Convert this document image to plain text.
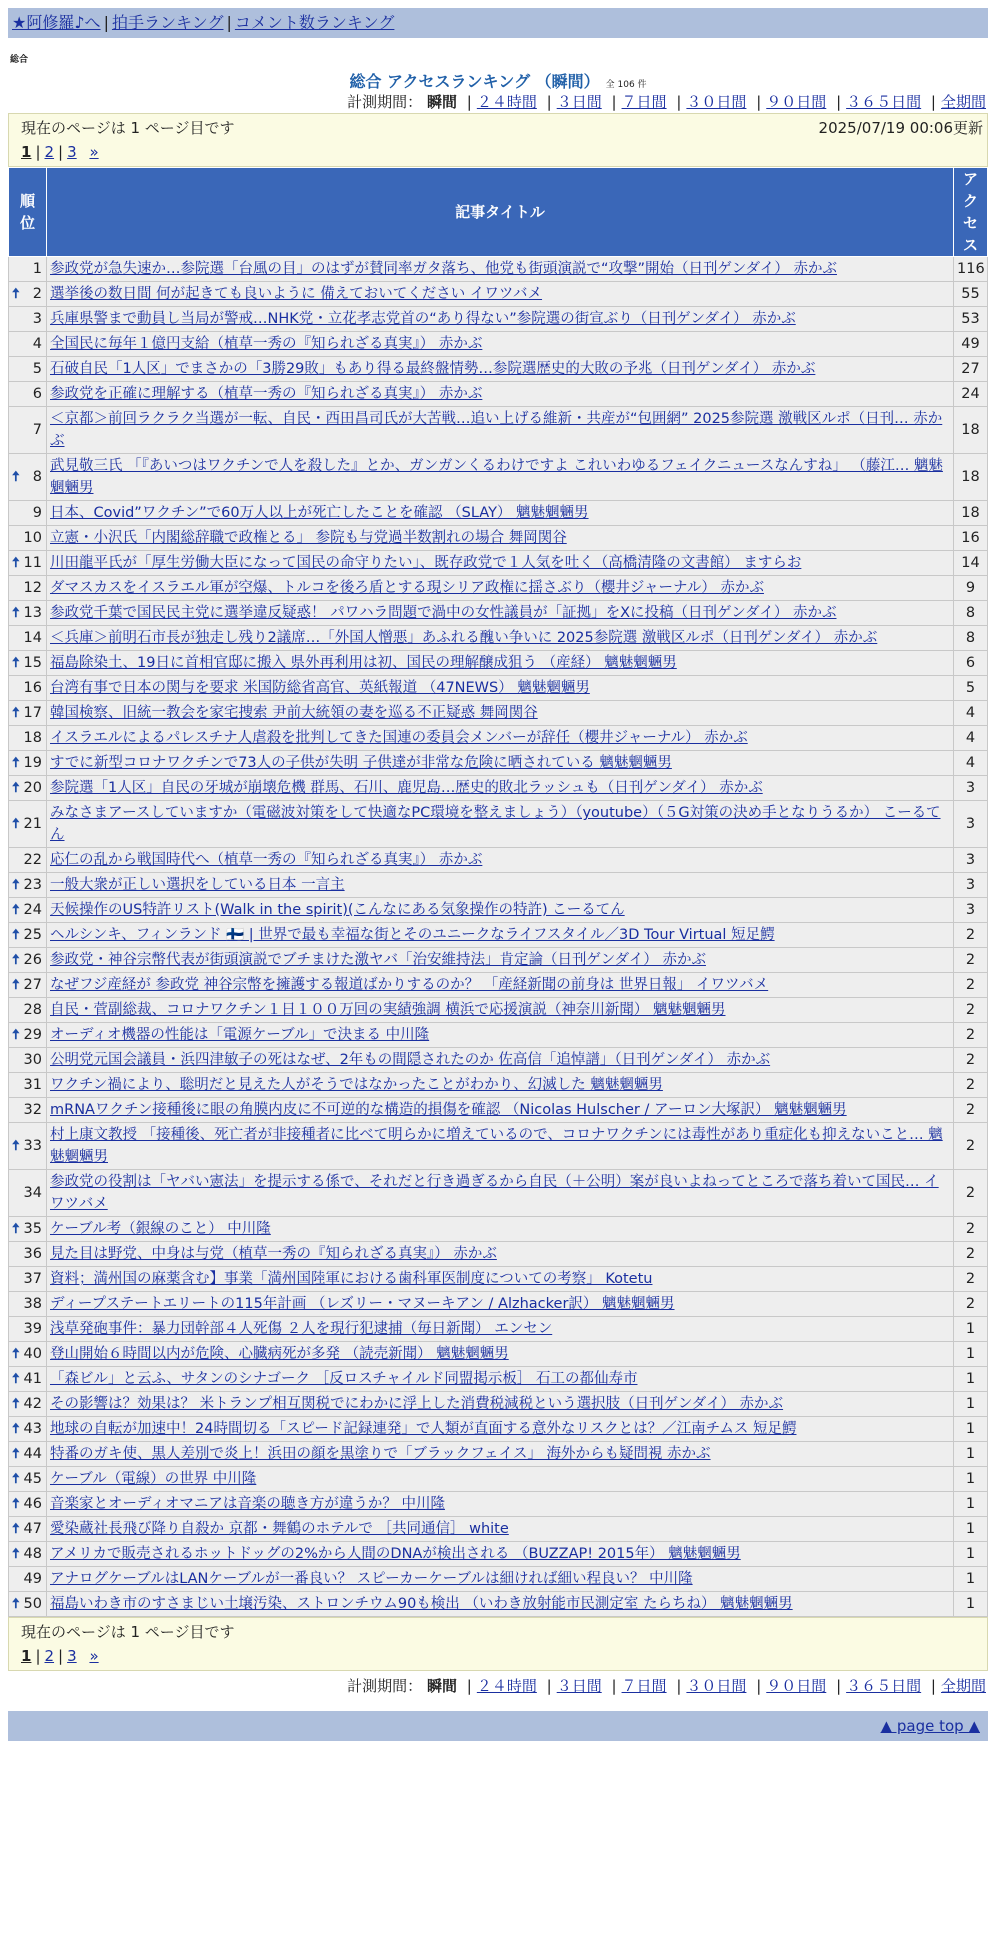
★阿修羅♪へ | 拍手ランキング | コメント数ランキング
総合
総合 アクセスランキング （瞬間） 全 106 件
計測期間： 瞬間 | ２４時間 | ３日間 | ７日間 | ３０日間 | ９０日間 | ３６５日間 | 全期間
現在のページは 1 ページ目です	2025/07/19 00:06更新
1 | 2 | 3 »
順位	記事タイトル	アクセス
1	参政党が急失速か…参院選「台風の目」のはずが賛同率ガタ落ち、他党も街頭演説で“攻撃”開始（日刊ゲンダイ） 赤かぶ	116

🠅 2	選挙後の数日間 何が起きても良いように 備えておいてください イワツバメ	55
3	兵庫県警まで動員し当局が警戒…NHK党・立花孝志党首の“あり得ない”参院選の街宣ぶり（日刊ゲンダイ） 赤かぶ	53
4	全国民に毎年１億円支給（植草一秀の『知られざる真実』） 赤かぶ	49
5	石破自民「1人区」でまさかの「3勝29敗」もあり得る最終盤情勢…参院選歴史的大敗の予兆（日刊ゲンダイ） 赤かぶ	27
6	参政党を正確に理解する（植草一秀の『知られざる真実』） 赤かぶ	24
7	＜京都＞前回ラクラク当選が一転、自民・西田昌司氏が大苦戦…追い上げる維新・共産が“包囲網” 2025参院選 激戦区ルポ（日刊… 赤かぶ	18

🠅 8	武見敬三氏 「『あいつはワクチンで人を殺した』とか、ガンガンくるわけですよ これいわゆるフェイクニュースなんすね」 （藤江… 魑魅魍魎男	18
9	日本、Covid”ワクチン”で60万人以上が死亡したことを確認 （SLAY） 魑魅魍魎男	18
10	立憲・小沢氏「内閣総辞職で政権とる」 参院も与党過半数割れの場合 舞岡関谷	16

🠅 11	川田龍平氏が「厚生労働大臣になって国民の命守りたい」、既存政党で１人気を吐く（高橋清隆の文書館） ますらお	14
12	ダマスカスをイスラエル軍が空爆、トルコを後ろ盾とする現シリア政権に揺さぶり（櫻井ジャーナル） 赤かぶ	9

🠅 13	参政党千葉で国民民主党に選挙違反疑惑！ パワハラ問題で渦中の女性議員が「証拠」をXに投稿（日刊ゲンダイ） 赤かぶ	8
14	＜兵庫＞前明石市長が独走し残り2議席…「外国人憎悪」あふれる醜い争いに 2025参院選 激戦区ルポ（日刊ゲンダイ） 赤かぶ	8

🠅 15	福島除染土、19日に首相官邸に搬入 県外再利用は初、国民の理解醸成狙う （産経） 魑魅魍魎男	6
16	台湾有事で日本の関与を要求 米国防総省高官、英紙報道 （47NEWS） 魑魅魍魎男	5

🠅 17	韓国検察、旧統一教会を家宅捜索 尹前大統領の妻を巡る不正疑惑 舞岡関谷	4
18	イスラエルによるパレスチナ人虐殺を批判してきた国連の委員会メンバーが辞任（櫻井ジャーナル） 赤かぶ	4

🠅 19	すでに新型コロナワクチンで73人の子供が失明 子供達が非常な危険に晒されている 魑魅魍魎男	4

🠅 20	参院選「1人区」自民の牙城が崩壊危機 群馬、石川、鹿児島…歴史的敗北ラッシュも（日刊ゲンダイ） 赤かぶ	3

🠅 21	みなさまアースしていますか（電磁波対策をして快適なPC環境を整えましょう）（youtube）（５G対策の決め手となりうるか） こーるてん	3
22	応仁の乱から戦国時代へ（植草一秀の『知られざる真実』） 赤かぶ	3

🠅 23	一般大衆が正しい選択をしている日本 一言主	3

🠅 24	天候操作のUS特許リスト(Walk in the spirit)(こんなにある気象操作の特許) こーるてん	3

🠅 25	ヘルシンキ、フィンランド 🇫🇮 | 世界で最も幸福な街とそのユニークなライフスタイル／3D Tour Virtual 短足鰐	2

🠅 26	参政党・神谷宗幣代表が街頭演説でブチまけた激ヤバ「治安維持法」肯定論（日刊ゲンダイ） 赤かぶ	2

🠅 27	なぜフジ産経が 参政党 神谷宗幣を擁護する報道ばかりするのか？ 「産経新聞の前身は 世界日報」 イワツバメ	2
28	自民・菅副総裁、コロナワクチン１日１００万回の実績強調 横浜で応援演説（神奈川新聞） 魑魅魍魎男	2

🠅 29	オーディオ機器の性能は「電源ケーブル」で決まる 中川隆	2
30	公明党元国会議員・浜四津敏子の死はなぜ、2年もの間隠されたのか 佐高信「追悼譜」（日刊ゲンダイ） 赤かぶ	2
31	ワクチン禍により、聡明だと見えた人がそうではなかったことがわかり、幻滅した 魑魅魍魎男	2
32	mRNAワクチン接種後に眼の角膜内皮に不可逆的な構造的損傷を確認 （Nicolas Hulscher / アーロン大塚訳） 魑魅魍魎男	2

🠅 33	村上康文教授 「接種後、死亡者が非接種者に比べて明らかに増えているので、コロナワクチンには毒性があり重症化も抑えないこと… 魑魅魍魎男	2
34	参政党の役割は「ヤバい憲法」を提示する係で、それだと行き過ぎるから自民（＋公明）案が良いよねってところで落ち着いて国民… イワツバメ	2

🠅 35	ケーブル考（銀線のこと） 中川隆	2
36	見た目は野党、中身は与党（植草一秀の『知られざる真実』） 赤かぶ	2
37	資料；満州国の麻薬含む】事業「満州国陸軍における歯科軍医制度についての考察」 Kotetu	2
38	ディープステートエリートの115年計画 （レズリー・マヌーキアン / Alzhacker訳） 魑魅魍魎男	2
39	浅草発砲事件：暴力団幹部４人死傷 ２人を現行犯逮捕（毎日新聞） エンセン	1

🠅 40	登山開始６時間以内が危険、心臓病死が多発 （読売新聞） 魑魅魍魎男	1

🠅 41	「森ビル」と云ふ、サタンのシナゴーク ［反ロスチャイルド同盟掲示板］ 石工の都仙寿市	1

🠅 42	その影響は？効果は？ 米トランプ相互関税でにわかに浮上した消費税減税という選択肢（日刊ゲンダイ） 赤かぶ	1

🠅 43	地球の自転が加速中！24時間切る「スピード記録連発」で人類が直面する意外なリスクとは？／江南チムス 短足鰐	1

🠅 44	特番のガキ使、黒人差別で炎上！浜田の顔を黒塗りで「ブラックフェイス」 海外からも疑問視 赤かぶ	1

🠅 45	ケーブル（電線）の世界 中川隆	1

🠅 46	音楽家とオーディオマニアは音楽の聴き方が違うか？ 中川隆	1

🠅 47	愛染蔵社長飛び降り自殺か 京都・舞鶴のホテルで ［共同通信］ white	1

🠅 48	アメリカで販売されるホットドッグの2%から人間のDNAが検出される （BUZZAP! 2015年） 魑魅魍魎男	1
49	アナログケーブルはLANケーブルが一番良い？ スピーカーケーブルは細ければ細い程良い？ 中川隆	1

🠅 50	福島いわき市のすさまじい土壌汚染、ストロンチウム90も検出 （いわき放射能市民測定室 たらちね） 魑魅魍魎男	1
現在のページは 1 ページ目です
1 | 2 | 3 »
計測期間： 瞬間 | ２４時間 | ３日間 | ７日間 | ３０日間 | ９０日間 | ３６５日間 | 全期間
▲ page top ▲
